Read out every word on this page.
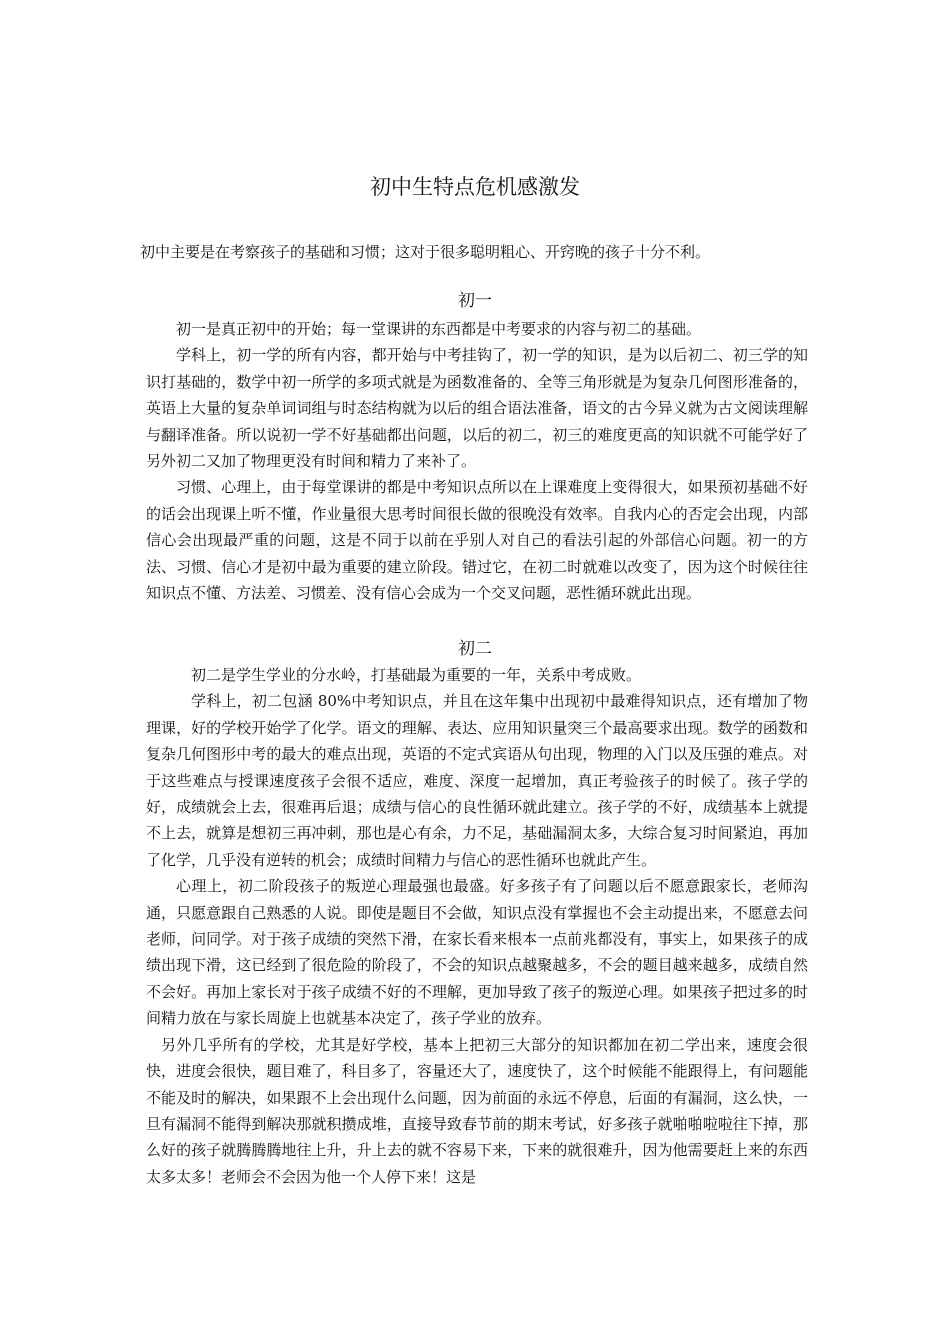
初中生特点危机感激发

初中主要是在考察孩子的基础和习惯；这对于很多聪明粗心、开窍晚的孩子十分不利。

初一

初一是真正初中的开始；每一堂课讲的东西都是中考要求的内容与初二的基础。

学科上，初一学的所有内容，都开始与中考挂钩了，初一学的知识，是为以后初二、初三学的知识打基础的，数学中初一所学的多项式就是为函数准备的、全等三角形就是为复杂几何图形准备的，英语上大量的复杂单词词组与时态结构就为以后的组合语法准备，语文的古今异义就为古文阅读理解与翻译准备。所以说初一学不好基础都出问题，以后的初二，初三的难度更高的知识就不可能学好了另外初二又加了物理更没有时间和精力了来补了。

习惯、心理上，由于每堂课讲的都是中考知识点所以在上课难度上变得很大，如果预初基础不好的话会出现课上听不懂，作业量很大思考时间很长做的很晚没有效率。自我内心的否定会出现，内部信心会出现最严重的问题，这是不同于以前在乎别人对自己的看法引起的外部信心问题。初一的方法、习惯、信心才是初中最为重要的建立阶段。错过它，在初二时就难以改变了，因为这个时候往往知识点不懂、方法差、习惯差、没有信心会成为一个交叉问题，恶性循环就此出现。

初二

初二是学生学业的分水岭，打基础最为重要的一年，关系中考成败。

学科上，初二包涵 80%中考知识点，并且在这年集中出现初中最难得知识点，还有增加了物理课，好的学校开始学了化学。语文的理解、表达、应用知识量突三个最高要求出现。数学的函数和复杂几何图形中考的最大的难点出现，英语的不定式宾语从句出现，物理的入门以及压强的难点。对于这些难点与授课速度孩子会很不适应，难度、深度一起增加，真正考验孩子的时候了。孩子学的好，成绩就会上去，很难再后退；成绩与信心的良性循环就此建立。孩子学的不好，成绩基本上就提不上去，就算是想初三再冲刺，那也是心有余，力不足，基础漏洞太多，大综合复习时间紧迫，再加了化学，几乎没有逆转的机会；成绩时间精力与信心的恶性循环也就此产生。

心理上，初二阶段孩子的叛逆心理最强也最盛。好多孩子有了问题以后不愿意跟家长，老师沟通，只愿意跟自己熟悉的人说。即使是题目不会做，知识点没有掌握也不会主动提出来，不愿意去问老师，问同学。对于孩子成绩的突然下滑，在家长看来根本一点前兆都没有，事实上，如果孩子的成绩出现下滑，这已经到了很危险的阶段了，不会的知识点越聚越多，不会的题目越来越多，成绩自然不会好。再加上家长对于孩子成绩不好的不理解，更加导致了孩子的叛逆心理。如果孩子把过多的时间精力放在与家长周旋上也就基本决定了，孩子学业的放弃。

另外几乎所有的学校，尤其是好学校，基本上把初三大部分的知识都加在初二学出来，速度会很快，进度会很快，题目难了，科目多了，容量还大了，速度快了，这个时候能不能跟得上，有问题能不能及时的解决，如果跟不上会出现什么问题，因为前面的永远不停息，后面的有漏洞，这么快，一旦有漏洞不能得到解决那就积攒成堆，直接导致春节前的期末考试，好多孩子就啪啪啦啦往下掉，那么好的孩子就腾腾腾地往上升，升上去的就不容易下来，下来的就很难升，因为他需要赶上来的东西太多太多！老师会不会因为他一个人停下来！这是
